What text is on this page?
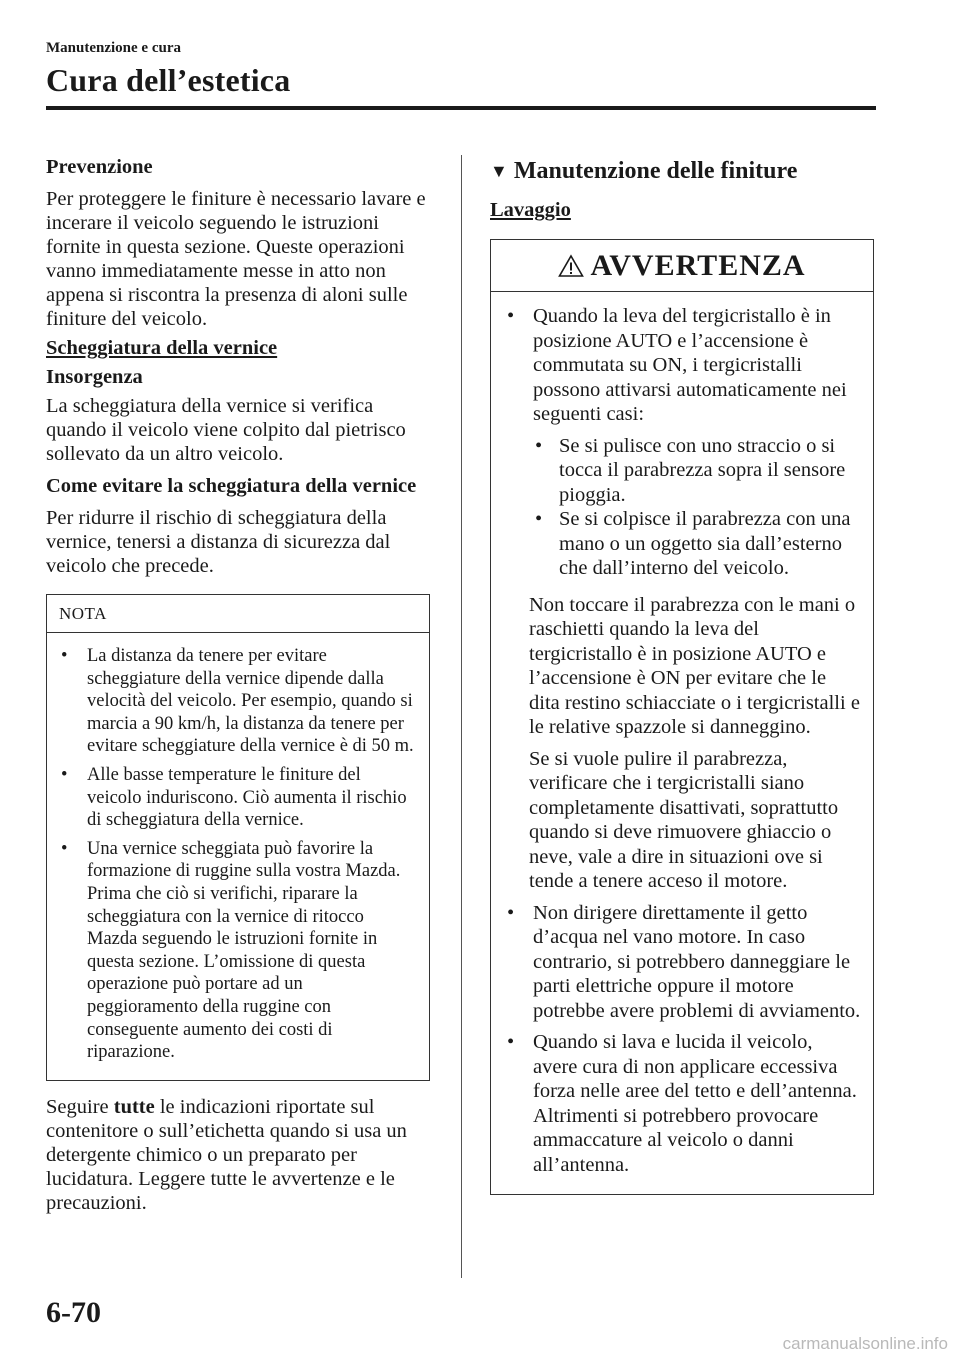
Manutenzione e cura
Cura dell’estetica

Prevenzione

Per proteggere le finiture è necessario lavare e incerare il veicolo seguendo le istruzioni fornite in questa sezione. Queste operazioni vanno immediatamente messe in atto non appena si riscontra la presenza di aloni sulle finiture del veicolo.

Scheggiatura della vernice

Insorgenza

La scheggiatura della vernice si verifica quando il veicolo viene colpito dal pietrisco sollevato da un altro veicolo.

Come evitare la scheggiatura della vernice

Per ridurre il rischio di scheggiatura della vernice, tenersi a distanza di sicurezza dal veicolo che precede.

NOTA
•	La distanza da tenere per evitare scheggiature della vernice dipende dalla velocità del veicolo. Per esempio, quando si marcia a 90 km/h, la distanza da tenere per evitare scheggiature della vernice è di 50 m.
•	Alle basse temperature le finiture del veicolo induriscono. Ciò aumenta il rischio di scheggiatura della vernice.
•	Una vernice scheggiata può favorire la formazione di ruggine sulla vostra Mazda. Prima che ciò si verifichi, riparare la scheggiatura con la vernice di ritocco Mazda seguendo le istruzioni fornite in questa sezione. L’omissione di questa operazione può portare ad un peggioramento della ruggine con conseguente aumento dei costi di riparazione.

Seguire tutte le indicazioni riportate sul contenitore o sull’etichetta quando si usa un detergente chimico o un preparato per lucidatura. Leggere tutte le avvertenze e le precauzioni.

▼ Manutenzione delle finiture
Lavaggio
AVVERTENZA
• Quando la leva del tergicristallo è in posizione AUTO e l’accensione è commutata su ON, i tergicristalli possono attivarsi automaticamente nei seguenti casi:
• Se si pulisce con uno straccio o si tocca il parabrezza sopra il sensore pioggia.
• Se si colpisce il parabrezza con una mano o un oggetto sia dall’esterno che dall’interno del veicolo.

Non toccare il parabrezza con le mani o raschietti quando la leva del tergicristallo è in posizione AUTO e l’accensione è ON per evitare che le dita restino schiacciate o i tergicristalli e le relative spazzole si danneggino.

Se si vuole pulire il parabrezza, verificare che i tergicristalli siano completamente disattivati, soprattutto quando si deve rimuovere ghiaccio o neve, vale a dire in situazioni ove si tende a tenere acceso il motore.

• Non dirigere direttamente il getto d’acqua nel vano motore. In caso contrario, si potrebbero danneggiare le parti elettriche oppure il motore potrebbe avere problemi di avviamento.
• Quando si lava e lucida il veicolo, avere cura di non applicare eccessiva forza nelle aree del tetto e dell’antenna. Altrimenti si potrebbero provocare ammaccature al veicolo o danni all’antenna.
6-70
carmanualsonline.info
